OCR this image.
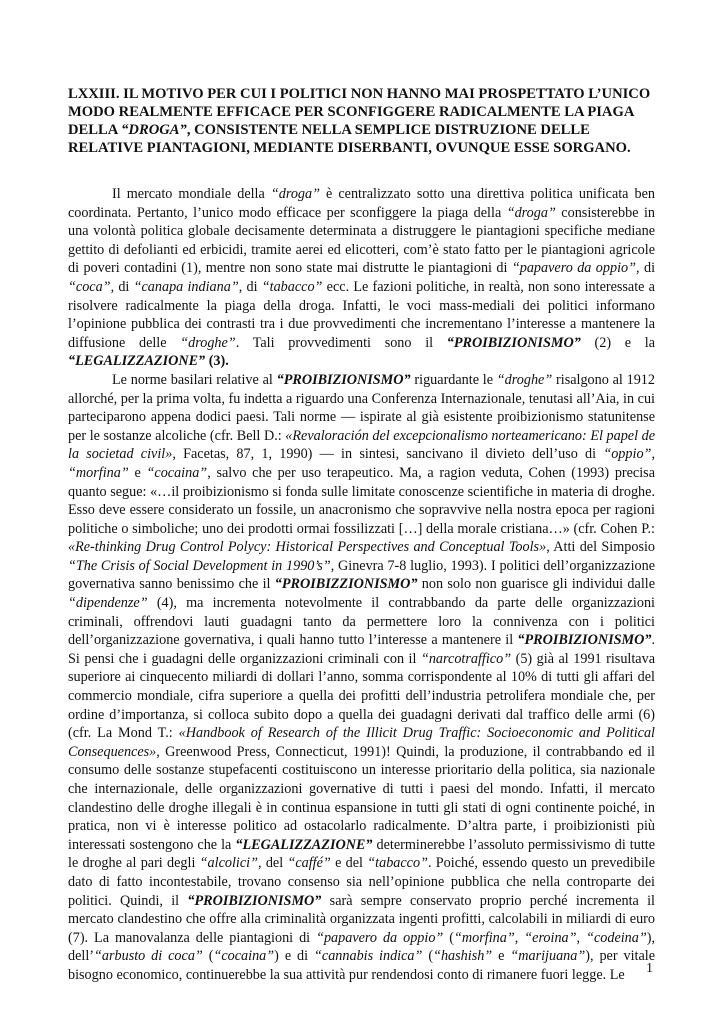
LXXIII. IL MOTIVO PER CUI I POLITICI NON HANNO MAI PROSPETTATO L’UNICO MODO REALMENTE EFFICACE PER SCONFIGGERE RADICALMENTE LA PIAGA DELLA “DROGA”, CONSISTENTE NELLA SEMPLICE DISTRUZIONE DELLE RELATIVE PIANTAGIONI, MEDIANTE DISERBANTI, OVUNQUE ESSE SORGANO.

Il mercato mondiale della “droga” è centralizzato sotto una direttiva politica unificata ben coordinata. Pertanto, l’unico modo efficace per sconfiggere la piaga della “droga” consisterebbe in una volontà politica globale decisamente determinata a distruggere le piantagioni specifiche mediane gettito di defolianti ed erbicidi, tramite aerei ed elicotteri, com’è stato fatto per le piantagioni agricole di poveri contadini (1), mentre non sono state mai distrutte le piantagioni di “papavero da oppio”, di “coca”, di “canapa indiana”, di “tabacco” ecc. Le fazioni politiche, in realtà, non sono interessate a risolvere radicalmente la piaga della droga. Infatti, le voci mass-mediali dei politici informano l’opinione pubblica dei contrasti tra i due provvedimenti che incrementano l’interesse a mantenere la diffusione delle “droghe”. Tali provvedimenti sono il “PROIBIZIONISMO” (2) e la “LEGALIZZAZIONE” (3).

Le norme basilari relative al “PROIBIZIONISMO” riguardante le “droghe” risalgono al 1912 allorché, per la prima volta, fu indetta a riguardo una Conferenza Internazionale, tenutasi all’Aia, in cui parteciparono appena dodici paesi. Tali norme — ispirate al già esistente proibizionismo statunitense per le sostanze alcoliche (cfr. Bell D.: «Revaloración del excepcionalismo norteamericano: El papel de la societad civil», Facetas, 87, 1, 1990) — in sintesi, sancivano il divieto dell’uso di “oppio”, “morfina” e “cocaina”, salvo che per uso terapeutico. Ma, a ragion veduta, Cohen (1993) precisa quanto segue: «…il proibizionismo si fonda sulle limitate conoscenze scientifiche in materia di droghe. Esso deve essere considerato un fossile, un anacronismo che sopravvive nella nostra epoca per ragioni politiche o simboliche; uno dei prodotti ormai fossilizzati […] della morale cristiana…» (cfr. Cohen P.: «Re-thinking Drug Control Polycy: Historical Perspectives and Conceptual Tools», Atti del Simposio “The Crisis of Social Development in 1990’s”, Ginevra 7-8 luglio, 1993). I politici dell’organizzazione governativa sanno benissimo che il “PROIBIZZIONISMO” non solo non guarisce gli individui dalle “dipendenze” (4), ma incrementa notevolmente il contrabbando da parte delle organizzazioni criminali, offrendovi lauti guadagni tanto da permettere loro la connivenza con i politici dell’organizzazione governativa, i quali hanno tutto l’interesse a mantenere il “PROIBIZIONISMO”. Si pensi che i guadagni delle organizzazioni criminali con il “narcotraffico” (5) già al 1991 risultava superiore ai cinquecento miliardi di dollari l’anno, somma corrispondente al 10% di tutti gli affari del commercio mondiale, cifra superiore a quella dei profitti dell’industria petrolifera mondiale che, per ordine d’importanza, si colloca subito dopo a quella dei guadagni derivati dal traffico delle armi (6) (cfr. La Mond T.: «Handbook of Research of the Illicit Drug Traffic: Socioeconomic and Political Consequences», Greenwood Press, Connecticut, 1991)! Quindi, la produzione, il contrabbando ed il consumo delle sostanze stupefacenti costituiscono un interesse prioritario della politica, sia nazionale che internazionale, delle organizzazioni governative di tutti i paesi del mondo. Infatti, il mercato clandestino delle droghe illegali è in continua espansione in tutti gli stati di ogni continente poiché, in pratica, non vi è interesse politico ad ostacolarlo radicalmente. D’altra parte, i proibizionisti più interessati sostengono che la “LEGALIZZAZIONE” determinerebbe l’assoluto permissivismo di tutte le droghe al pari degli “alcolici”, del “caffé” e del “tabacco”. Poiché, essendo questo un prevedibile dato di fatto incontestabile, trovano consenso sia nell’opinione pubblica che nella controparte dei politici. Quindi, il “PROIBIZIONISMO” sarà sempre conservato proprio perché incrementa il mercato clandestino che offre alla criminalità organizzata ingenti profitti, calcolabili in miliardi di euro (7). La manovalanza delle piantagioni di “papavero da oppio” (“morfina”, “eroina”, “codeina”), dell’“arbusto di coca” (“cocaina”) e di “cannabis indica” (“hashish” e “marijuana”), per vitale bisogno economico, continuerebbe la sua attività pur rendendosi conto di rimanere fuori legge. Le	1
